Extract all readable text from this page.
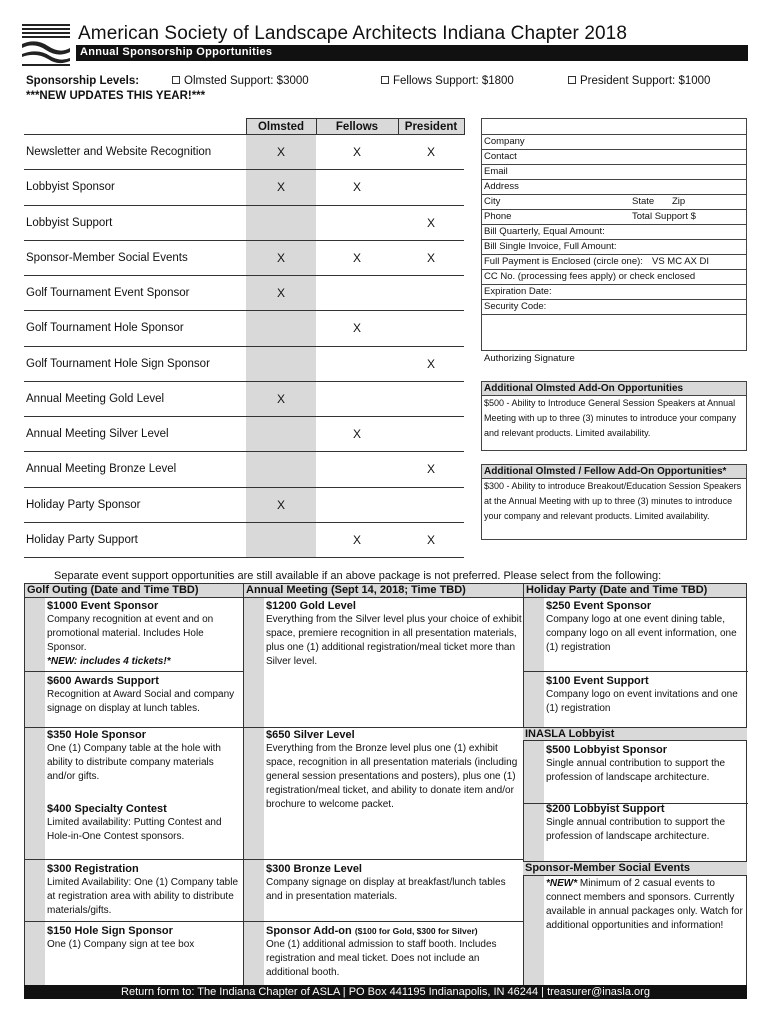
American Society of Landscape Architects Indiana Chapter 2018
Annual Sponsorship Opportunities
Sponsorship Levels:	Olmsted Support: $3000	Fellows Support: $1800	President Support: $1000
***NEW UPDATES THIS YEAR!***
	Olmsted	Fellows	President
Newsletter and Website Recognition	X	X	X
Lobbyist Sponsor	X	X	
Lobbyist Support			X
Sponsor-Member Social Events	X	X	X
Golf Tournament Event Sponsor	X		
Golf Tournament Hole Sponsor		X	
Golf Tournament Hole Sign Sponsor			X
Annual Meeting Gold Level	X		
Annual Meeting Silver Level		X	
Annual Meeting Bronze Level			X
Holiday Party Sponsor	X		
Holiday Party Support		X	X
Company
Contact
Email
Address
City	State Zip
Phone	Total Support $
Bill Quarterly, Equal Amount:
Bill Single Invoice, Full Amount:
Full Payment is Enclosed (circle one): VS MC AX DI
CC No. (processing fees apply) or check enclosed
Expiration Date:
Security Code:
Authorizing Signature
Additional Olmsted Add-On Opportunities
$500 - Ability to Introduce General Session Speakers at Annual Meeting with up to three (3) minutes to introduce your company and relevant products. Limited availability.
Additional Olmsted / Fellow Add-On Opportunities*
$300 - Ability to introduce Breakout/Education Session Speakers at the Annual Meeting with up to three (3) minutes to introduce your company and relevant products. Limited availability.
Separate event support opportunities are still available if an above package is not preferred. Please select from the following:
Golf Outing (Date and Time TBD)	Annual Meeting (Sept 14, 2018; Time TBD)	Holiday Party (Date and Time TBD)
$1000 Event Sponsor
Company recognition at event and on promotional material. Includes Hole Sponsor.
*NEW: includes 4 tickets!*
$600 Awards Support
Recognition at Award Social and company signage on display at lunch tables.
$350 Hole Sponsor
One (1) Company table at the hole with ability to distribute company materials and/or gifts.
$400 Specialty Contest
Limited availability: Putting Contest and Hole-in-One Contest sponsors.
$300 Registration
Limited Availability: One (1) Company table at registration area with ability to distribute materials/gifts.
$150 Hole Sign Sponsor
One (1) Company sign at tee box
$1200 Gold Level
Everything from the Silver level plus your choice of exhibit space, premiere recognition in all presentation materials, plus one (1) additional registration/meal ticket more than Silver level.
$650 Silver Level
Everything from the Bronze level plus one (1) exhibit space, recognition in all presentation materials (including general session presentations and posters), plus one (1) registration/meal ticket, and ability to donate item and/or brochure to welcome packet.
$300 Bronze Level
Company signage on display at breakfast/lunch tables and in presentation materials.
Sponsor Add-on ($100 for Gold, $300 for Silver)
One (1) additional admission to staff booth. Includes registration and meal ticket. Does not include an additional booth.
$250 Event Sponsor
Company logo at one event dining table, company logo on all event information, one (1) registration
$100 Event Support
Company logo on event invitations and one (1) registration
$500 Lobbyist Sponsor
Single annual contribution to support the profession of landscape architecture.
$200 Lobbyist Support
Single annual contribution to support the profession of landscape architecture.
*NEW* Minimum of 2 casual events to connect members and sponsors. Currently available in annual packages only. Watch for additional opportunities and information!
INASLA Lobbyist
Sponsor-Member Social Events
Return form to: The Indiana Chapter of ASLA | PO Box 441195 Indianapolis, IN 46244 | treasurer@inasla.org
